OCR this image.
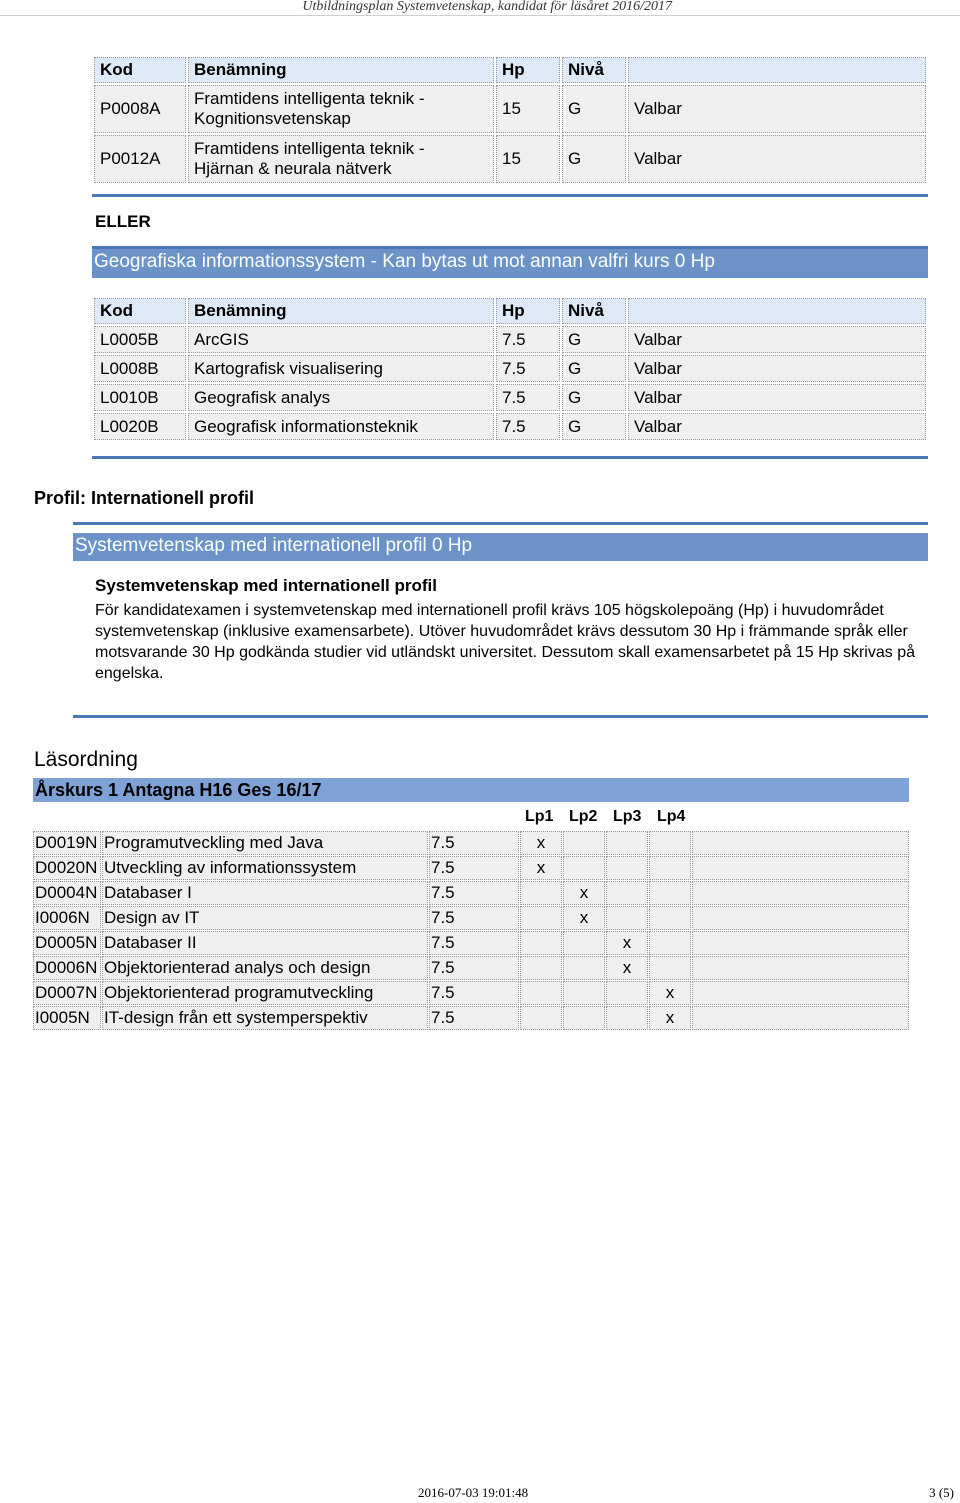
Utbildningsplan Systemvetenskap, kandidat för läsåret 2016/2017
Kod	Benämning	Hp	Nivå	
P0008A	Framtidens intelligenta teknik - Kognitionsvetenskap	15	G	Valbar
P0012A	Framtidens intelligenta teknik - Hjärnan & neurala nätverk	15	G	Valbar
ELLER
Geografiska informationssystem - Kan bytas ut mot annan valfri kurs 0 Hp
Kod	Benämning	Hp	Nivå	
L0005B	ArcGIS	7.5	G	Valbar
L0008B	Kartografisk visualisering	7.5	G	Valbar
L0010B	Geografisk analys	7.5	G	Valbar
L0020B	Geografisk informationsteknik	7.5	G	Valbar
Profil: Internationell profil
Systemvetenskap med internationell profil 0 Hp
Systemvetenskap med internationell profil
För kandidatexamen i systemvetenskap med internationell profil krävs 105 högskolepoäng (Hp) i huvudområdet systemvetenskap (inklusive examensarbete). Utöver huvudområdet krävs dessutom 30 Hp i främmande språk eller motsvarande 30 Hp godkända studier vid utländskt universitet. Dessutom skall examensarbetet på 15 Hp skrivas på engelska.
Läsordning
Årskurs 1 Antagna H16 Ges 16/17
Lp1 Lp2 Lp3 Lp4
D0019N	Programutveckling med Java	7.5	x				
D0020N	Utveckling av informationssystem	7.5	x				
D0004N	Databaser I	7.5		x			
I0006N	Design av IT	7.5		x			
D0005N	Databaser II	7.5			x		
D0006N	Objektorienterad analys och design	7.5			x		
D0007N	Objektorienterad programutveckling	7.5				x	
I0005N	IT-design från ett systemperspektiv	7.5				x	
2016-07-03 19:01:48	3 (5)
